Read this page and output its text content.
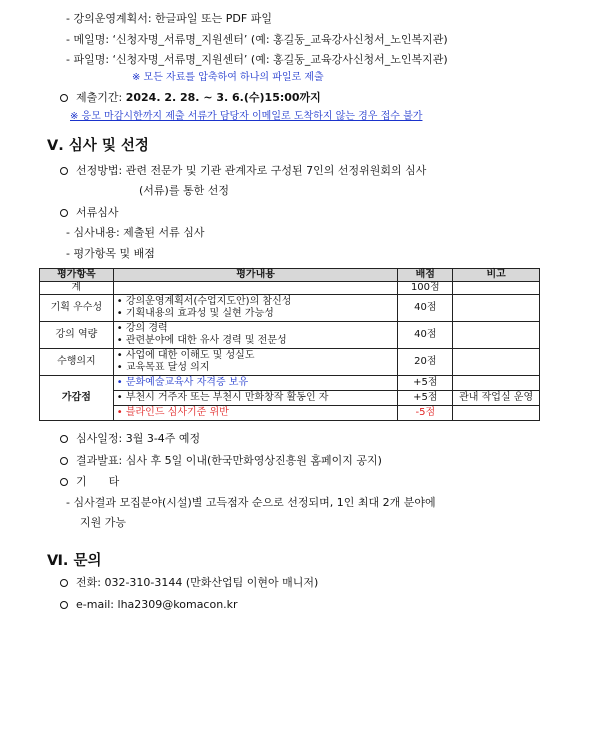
- 강의운영계획서: 한글파일 또는 PDF 파일
- 메일명: ‘신청자명_서류명_지원센터’ (예: 홍길동_교육강사신청서_노인복지관)
- 파일명: ‘신청자명_서류명_지원센터’ (예: 홍길동_교육강사신청서_노인복지관)
※ 모든 자료를 압축하여 하나의 파일로 제출
제출기간: 2024. 2. 28. ~ 3. 6.(수)15:00까지
※ 응모 마감시한까지 제출 서류가 담당자 이메일로 도착하지 않는 경우 접수 불가
Ⅴ. 심사 및 선정
선정방법: 관련 전문가 및 기관 관계자로 구성된 7인의 선정위원회의 심사
(서류)를 통한 선정
서류심사
- 심사내용: 제출된 서류 심사
- 평가항목 및 배점
평가항목	평가내용	배점	비고
계		100점	
기획 우수성	• 강의운영계획서(수업지도안)의 참신성
• 기획내용의 효과성 및 실현 가능성	40점	
강의 역량	• 강의 경력
• 관련분야에 대한 유사 경력 및 전문성	40점	
수행의지	• 사업에 대한 이해도 및 성실도
• 교육목표 달성 의지	20점	
가감점	• 문화예술교육사 자격증 보유	+5점	
	• 부천시 거주자 또는 부천시 만화창작 활동인 자	+5점	관내 작업실 운영
	• 블라인드 심사기준 위반	-5점	
심사일정: 3월 3-4주 예정
결과발표: 심사 후 5일 이내(한국만화영상진흥원 홈페이지 공지)
기　　타
- 심사결과 모집분야(시설)별 고득점자 순으로 선정되며, 1인 최대 2개 분야에
지원 가능
Ⅵ. 문의
전화: 032-310-3144 (만화산업팀 이현아 매니저)
e-mail: lha2309@komacon.kr
